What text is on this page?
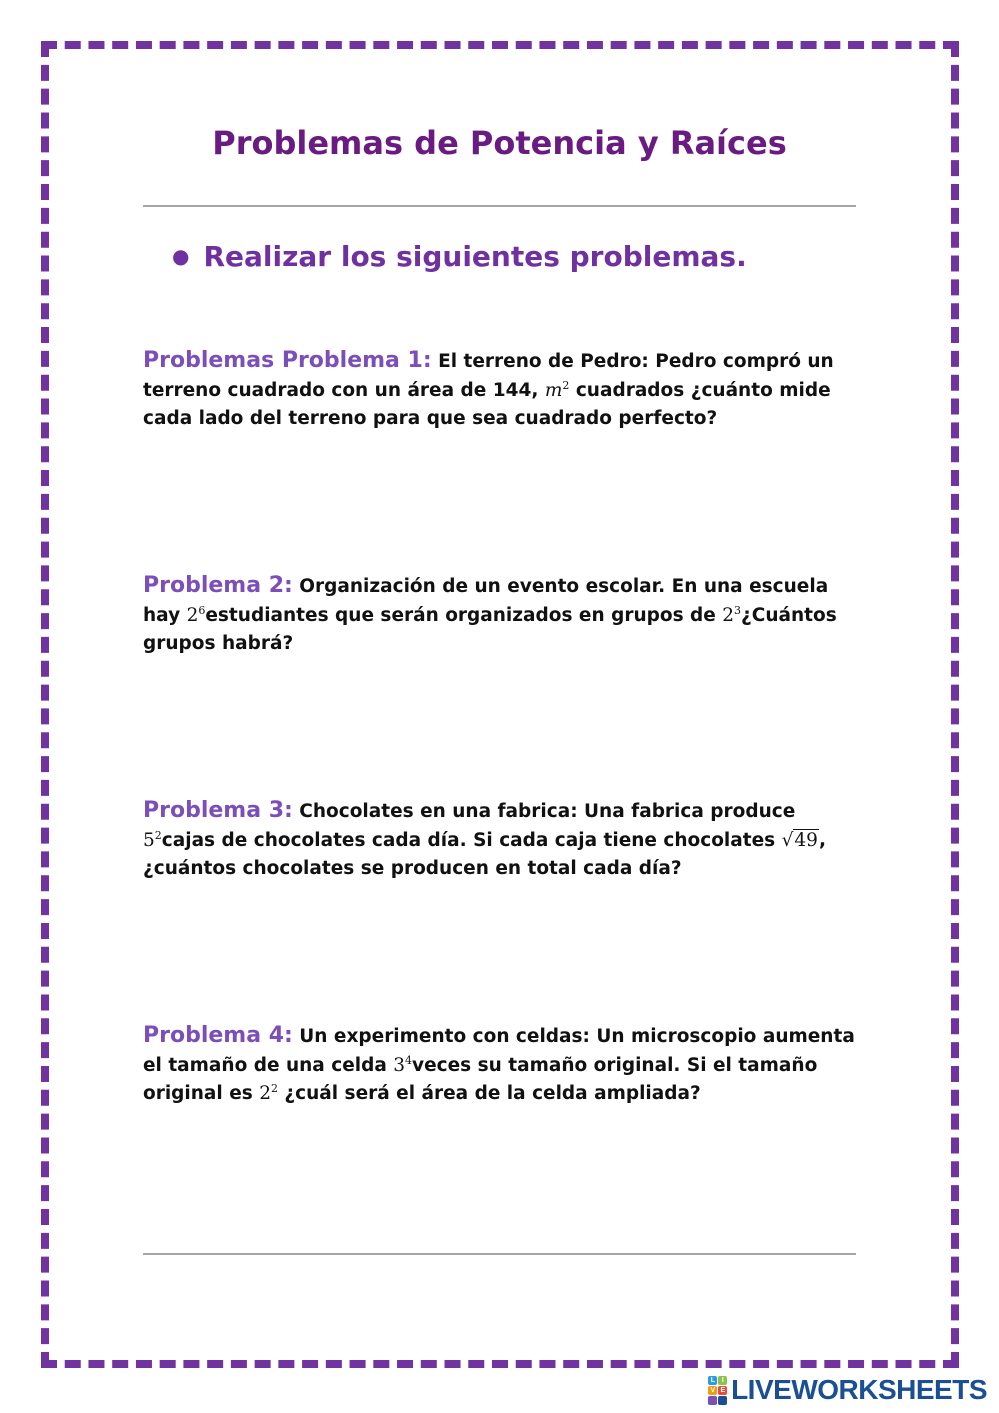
Problemas de Potencia y Raíces
● Realizar los siguientes problemas.
Problemas Problema 1: El terreno de Pedro: Pedro compró un terreno cuadrado con un área de 144, $m^2$ cuadrados ¿cuánto mide cada lado del terreno para que sea cuadrado perfecto?
Problema 2: Organización de un evento escolar. En una escuela hay $2^6estudiantes$ que serán organizados en grupos de $2^3¿Cuántos$ grupos habrá?
Problema 3: Chocolates en una fabrica: Una fabrica produce $5^2cajas$ de chocolates cada día. Si cada caja tiene chocolates √49, ¿cuántos chocolates se producen en total cada día?
Problema 4: Un experimento con celdas: Un microscopio aumenta el tamaño de una celda $3^4veces$ su tamaño original. Si el tamaño original es $2^2$ ¿cuál será el área de la celda ampliada?
L	I
V E LIVEWORKSHEETS
